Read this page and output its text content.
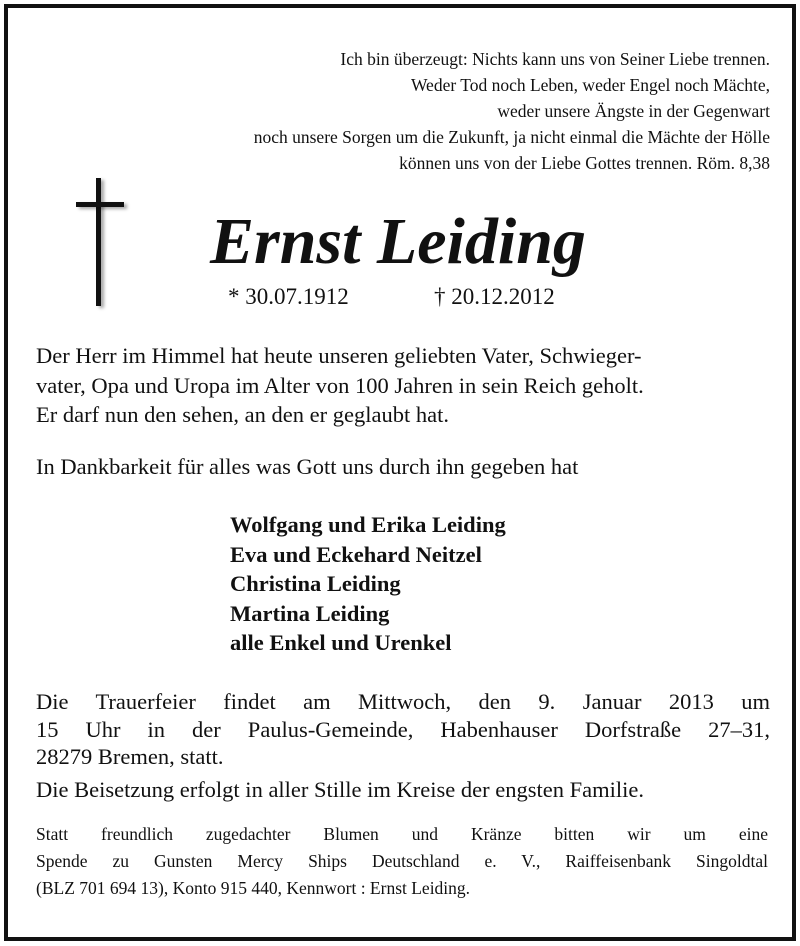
Ich bin überzeugt: Nichts kann uns von Seiner Liebe trennen.
Weder Tod noch Leben, weder Engel noch Mächte,
weder unsere Ängste in der Gegenwart
noch unsere Sorgen um die Zukunft, ja nicht einmal die Mächte der Hölle
können uns von der Liebe Gottes trennen. Röm. 8,38
Ernst Leiding
* 30.07.1912	† 20.12.2012
Der Herr im Himmel hat heute unseren geliebten Vater, Schwieger-
vater, Opa und Uropa im Alter von 100 Jahren in sein Reich geholt.
Er darf nun den sehen, an den er geglaubt hat.

In Dankbarkeit für alles was Gott uns durch ihn gegeben hat

Wolfgang und Erika Leiding
Eva und Eckehard Neitzel
Christina Leiding
Martina Leiding
alle Enkel und Urenkel
Die Trauerfeier findet am Mittwoch, den 9. Januar 2013 um
15 Uhr in der Paulus-Gemeinde, Habenhauser Dorfstraße 27–31,
28279 Bremen, statt.

Die Beisetzung erfolgt in aller Stille im Kreise der engsten Familie.

Statt freundlich zugedachter Blumen und Kränze bitten wir um eine
Spende zu Gunsten Mercy Ships Deutschland e. V., Raiffeisenbank Singoldtal
(BLZ 701 694 13), Konto 915 440, Kennwort : Ernst Leiding.
